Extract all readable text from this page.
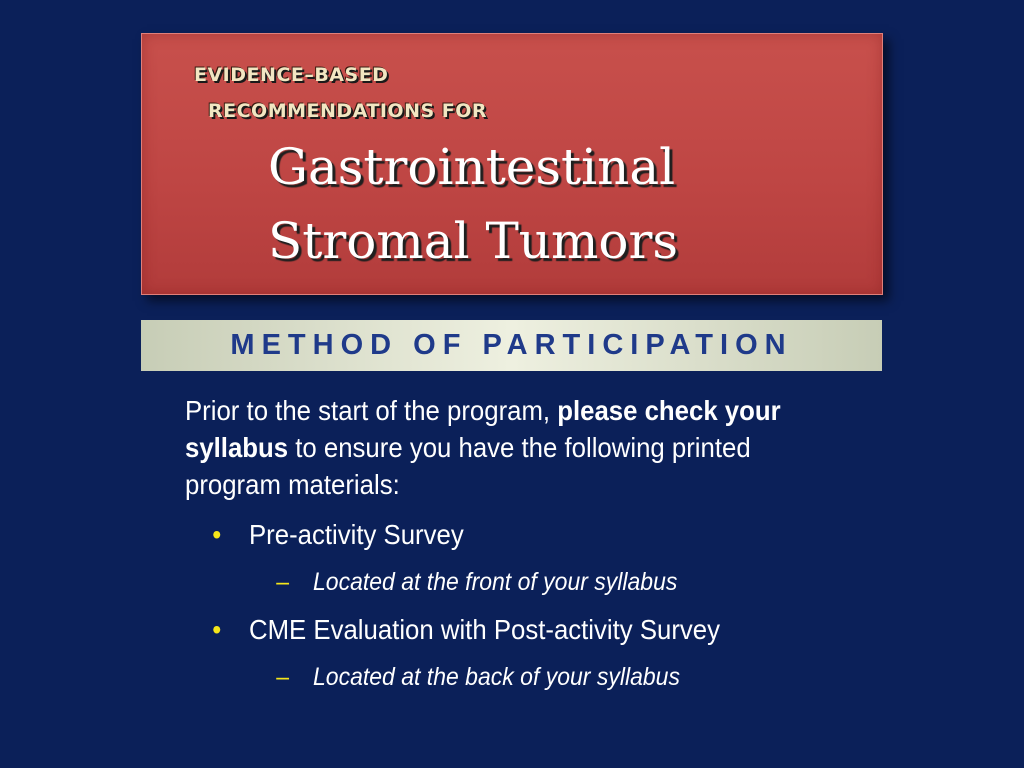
EVIDENCE–BASED
RECOMMENDATIONS FOR
Gastrointestinal
Stromal Tumors
METHOD OF PARTICIPATION
Prior to the start of the program, please check your syllabus to ensure you have the following printed program materials:
• Pre-activity Survey
– Located at the front of your syllabus
• CME Evaluation with Post-activity Survey
– Located at the back of your syllabus
